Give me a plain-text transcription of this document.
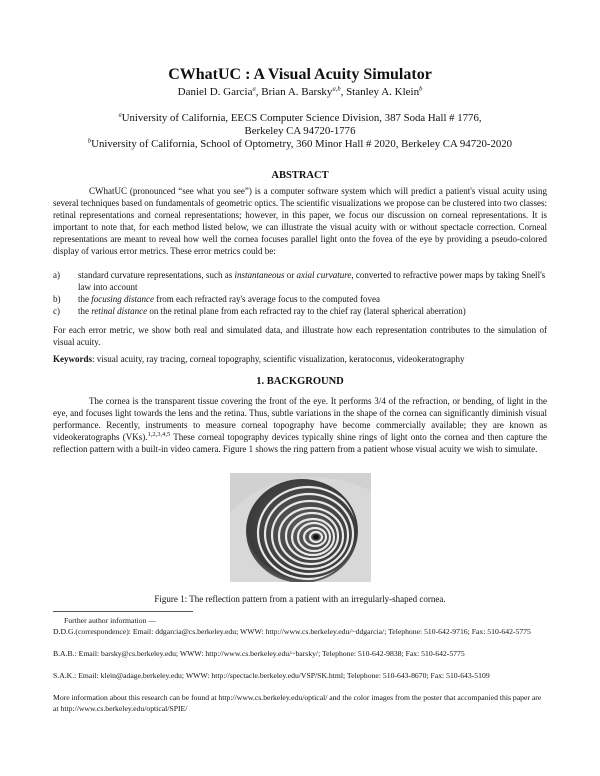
CWhatUC : A Visual Acuity Simulator
Daniel D. Garcia$^a$, Brian A. Barsky$^{a,b}$, Stanley A. Klein$^b$
$^a$University of California, EECS Computer Science Division, 387 Soda Hall # 1776,
Berkeley CA 94720-1776
$^b$University of California, School of Optometry, 360 Minor Hall # 2020, Berkeley CA 94720-2020
ABSTRACT
CWhatUC (pronounced “see what you see”) is a computer software system which will predict a patient's visual acuity using several techniques based on fundamentals of geometric optics. The scientific visualizations we propose can be clustered into two classes: retinal representations and corneal representations; however, in this paper, we focus our discussion on corneal representations. It is important to note that, for each method listed below, we can illustrate the visual acuity with or without spectacle correction. Corneal representations are meant to reveal how well the cornea focuses parallel light onto the fovea of the eye by providing a pseudo-colored display of various error metrics. These error metrics could be:
a) standard curvature representations, such as instantaneous or axial curvature, converted to refractive power maps by taking Snell's law into account
b) the focusing distance from each refracted ray's average focus to the computed fovea
c) the retinal distance on the retinal plane from each refracted ray to the chief ray (lateral spherical aberration)
For each error metric, we show both real and simulated data, and illustrate how each representation contributes to the simulation of visual acuity.
Keywords: visual acuity, ray tracing, corneal topography, scientific visualization, keratoconus, videokeratography
1. BACKGROUND
The cornea is the transparent tissue covering the front of the eye. It performs 3/4 of the refraction, or bending, of light in the eye, and focuses light towards the lens and the retina. Thus, subtle variations in the shape of the cornea can significantly diminish visual performance. Recently, instruments to measure corneal topography have become commercially available; they are known as videokeratographs (VKs).$^{1,2,3,4,5}$ These corneal topography devices typically shine rings of light onto the cornea and then capture the reflection pattern with a built-in video camera. Figure 1 shows the ring pattern from a patient whose visual acuity we wish to simulate.
Figure 1: The reflection pattern from a patient with an irregularly-shaped cornea.
Further author information —
D.D.G.(correspondence): Email: ddgarcia@cs.berkeley.edu; WWW: http://www.cs.berkeley.edu/~ddgarcia/; Telephone: 510-642-9716; Fax: 510-642-5775
B.A.B.: Email: barsky@cs.berkeley.edu; WWW: http://www.cs.berkeley.edu/~barsky/; Telephone: 510-642-9838; Fax: 510-642-5775
S.A.K.: Email: klein@adage.berkeley.edu; WWW: http://spectacle.berkeley.edu/VSP/SK.html; Telephone: 510-643-8670; Fax: 510-643-5109
More information about this research can be found at http://www.cs.berkeley.edu/optical/ and the color images from the poster that accompanied this paper are at http://www.cs.berkeley.edu/optical/SPIE/
